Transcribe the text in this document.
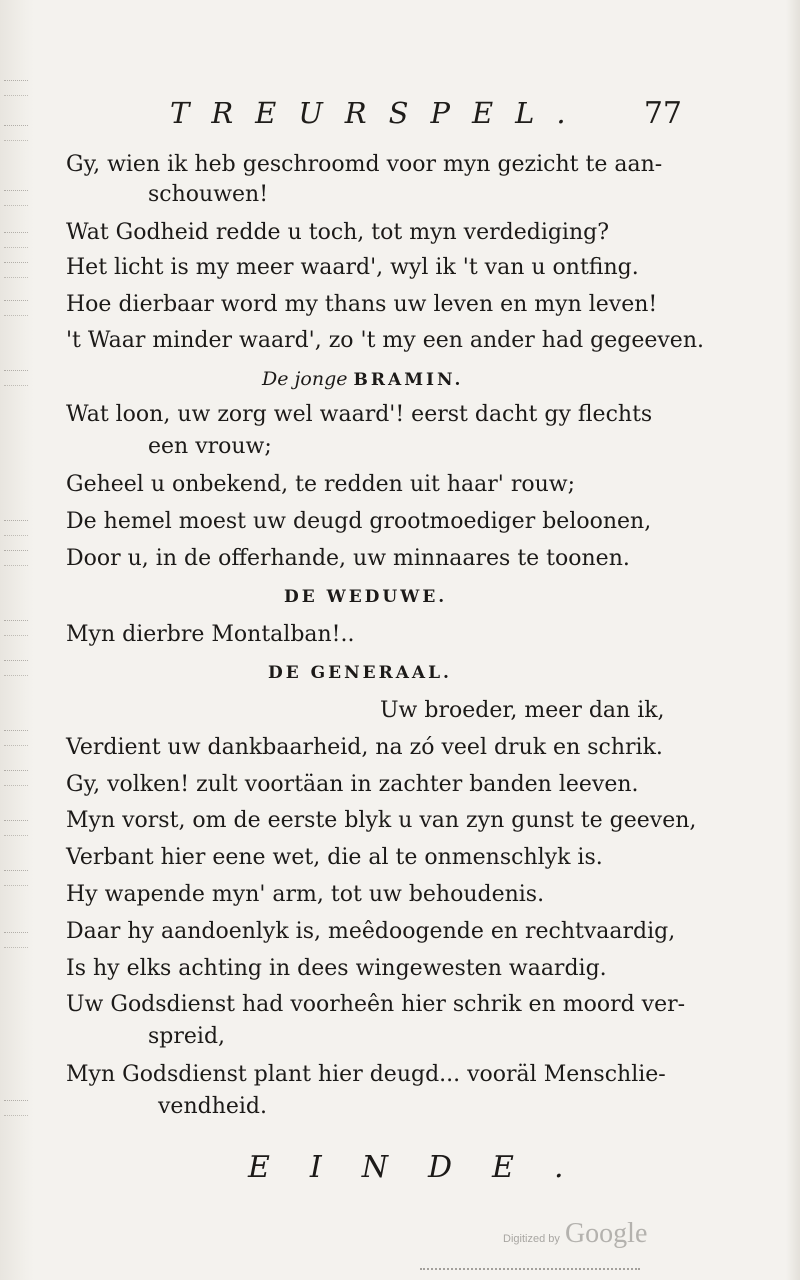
TREURSPEL. 77
Gy, wien ik heb geschroomd voor myn gezicht te aan-
schouwen!
Wat Godheid redde u toch, tot myn verdediging?
Het licht is my meer waard', wyl ik 't van u ontfing.
Hoe dierbaar word my thans uw leven en myn leven!
't Waar minder waard', zo 't my een ander had gegeeven.
Wat loon, uw zorg wel waard'! eerst dacht gy flechts
een vrouw;
Geheel u onbekend, te redden uit haar' rouw;
De hemel moest uw deugd grootmoediger beloonen,
Door u, in de offerhande, uw minnaares te toonen.
Myn dierbre Montalban!..
Uw broeder, meer dan ik,
Verdient uw dankbaarheid, na zó veel druk en schrik.
Gy, volken! zult voortäan in zachter banden leeven.
Myn vorst, om de eerste blyk u van zyn gunst te geeven,
Verbant hier eene wet, die al te onmenschlyk is.
Hy wapende myn' arm, tot uw behoudenis.
Daar hy aandoenlyk is, meêdoogende en rechtvaardig,
Is hy elks achting in dees wingewesten waardig.
Uw Godsdienst had voorheên hier schrik en moord ver-
spreid,
Myn Godsdienst plant hier deugd... vooräl Menschlie-
vendheid.
De jonge BRAMIN.
DE WEDUWE.
DE GENERAAL.
EINDE.
Digitized by Google
